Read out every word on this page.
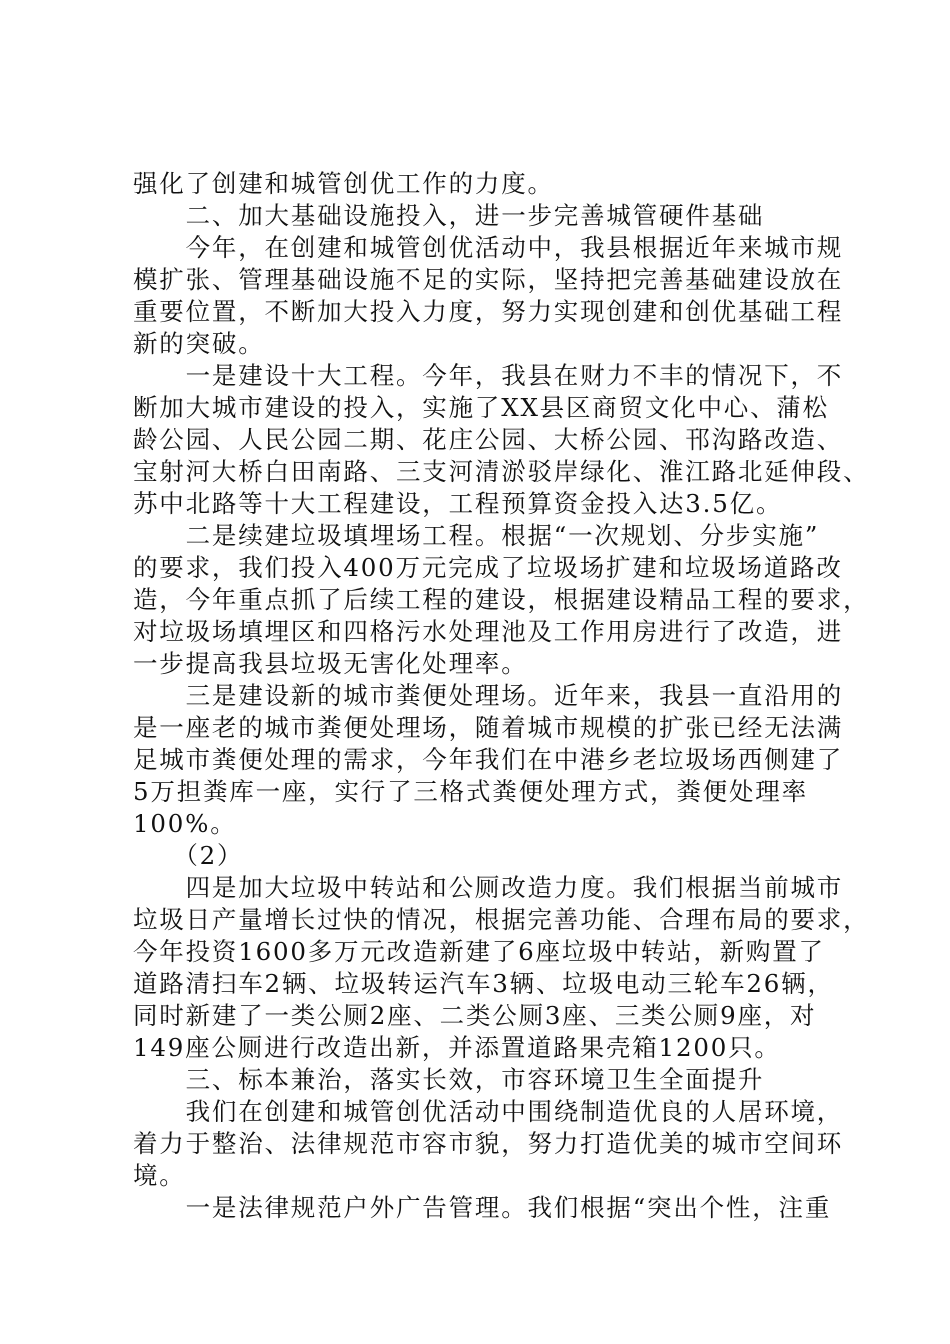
强化了创建和城管创优工作的力度。
　　二、加大基础设施投入，进一步完善城管硬件基础
　　今年，在创建和城管创优活动中，我县根据近年来城市规
模扩张、管理基础设施不足的实际，坚持把完善基础建设放在
重要位置，不断加大投入力度，努力实现创建和创优基础工程
新的突破。
　　一是建设十大工程。今年，我县在财力不丰的情况下，不
断加大城市建设的投入，实施了XX县区商贸文化中心、蒲松
龄公园、人民公园二期、花庄公园、大桥公园、邗沟路改造、
宝射河大桥白田南路、三支河清淤驳岸绿化、淮江路北延伸段、
苏中北路等十大工程建设，工程预算资金投入达3.5亿。
　　二是续建垃圾填埋场工程。根据“一次规划、分步实施”
的要求，我们投入400万元完成了垃圾场扩建和垃圾场道路改
造，今年重点抓了后续工程的建设，根据建设精品工程的要求，
对垃圾场填埋区和四格污水处理池及工作用房进行了改造，进
一步提高我县垃圾无害化处理率。
　　三是建设新的城市粪便处理场。近年来，我县一直沿用的
是一座老的城市粪便处理场，随着城市规模的扩张已经无法满
足城市粪便处理的需求，今年我们在中港乡老垃圾场西侧建了
5万担粪库一座，实行了三格式粪便处理方式，粪便处理率
100%。
　　（2）
　　四是加大垃圾中转站和公厕改造力度。我们根据当前城市
垃圾日产量增长过快的情况，根据完善功能、合理布局的要求，
今年投资1600多万元改造新建了6座垃圾中转站，新购置了
道路清扫车2辆、垃圾转运汽车3辆、垃圾电动三轮车26辆，
同时新建了一类公厕2座、二类公厕3座、三类公厕9座，对
149座公厕进行改造出新，并添置道路果壳箱1200只。
　　三、标本兼治，落实长效，市容环境卫生全面提升
　　我们在创建和城管创优活动中围绕制造优良的人居环境，
着力于整治、法律规范市容市貌，努力打造优美的城市空间环
境。
　　一是法律规范户外广告管理。我们根据“突出个性，注重
